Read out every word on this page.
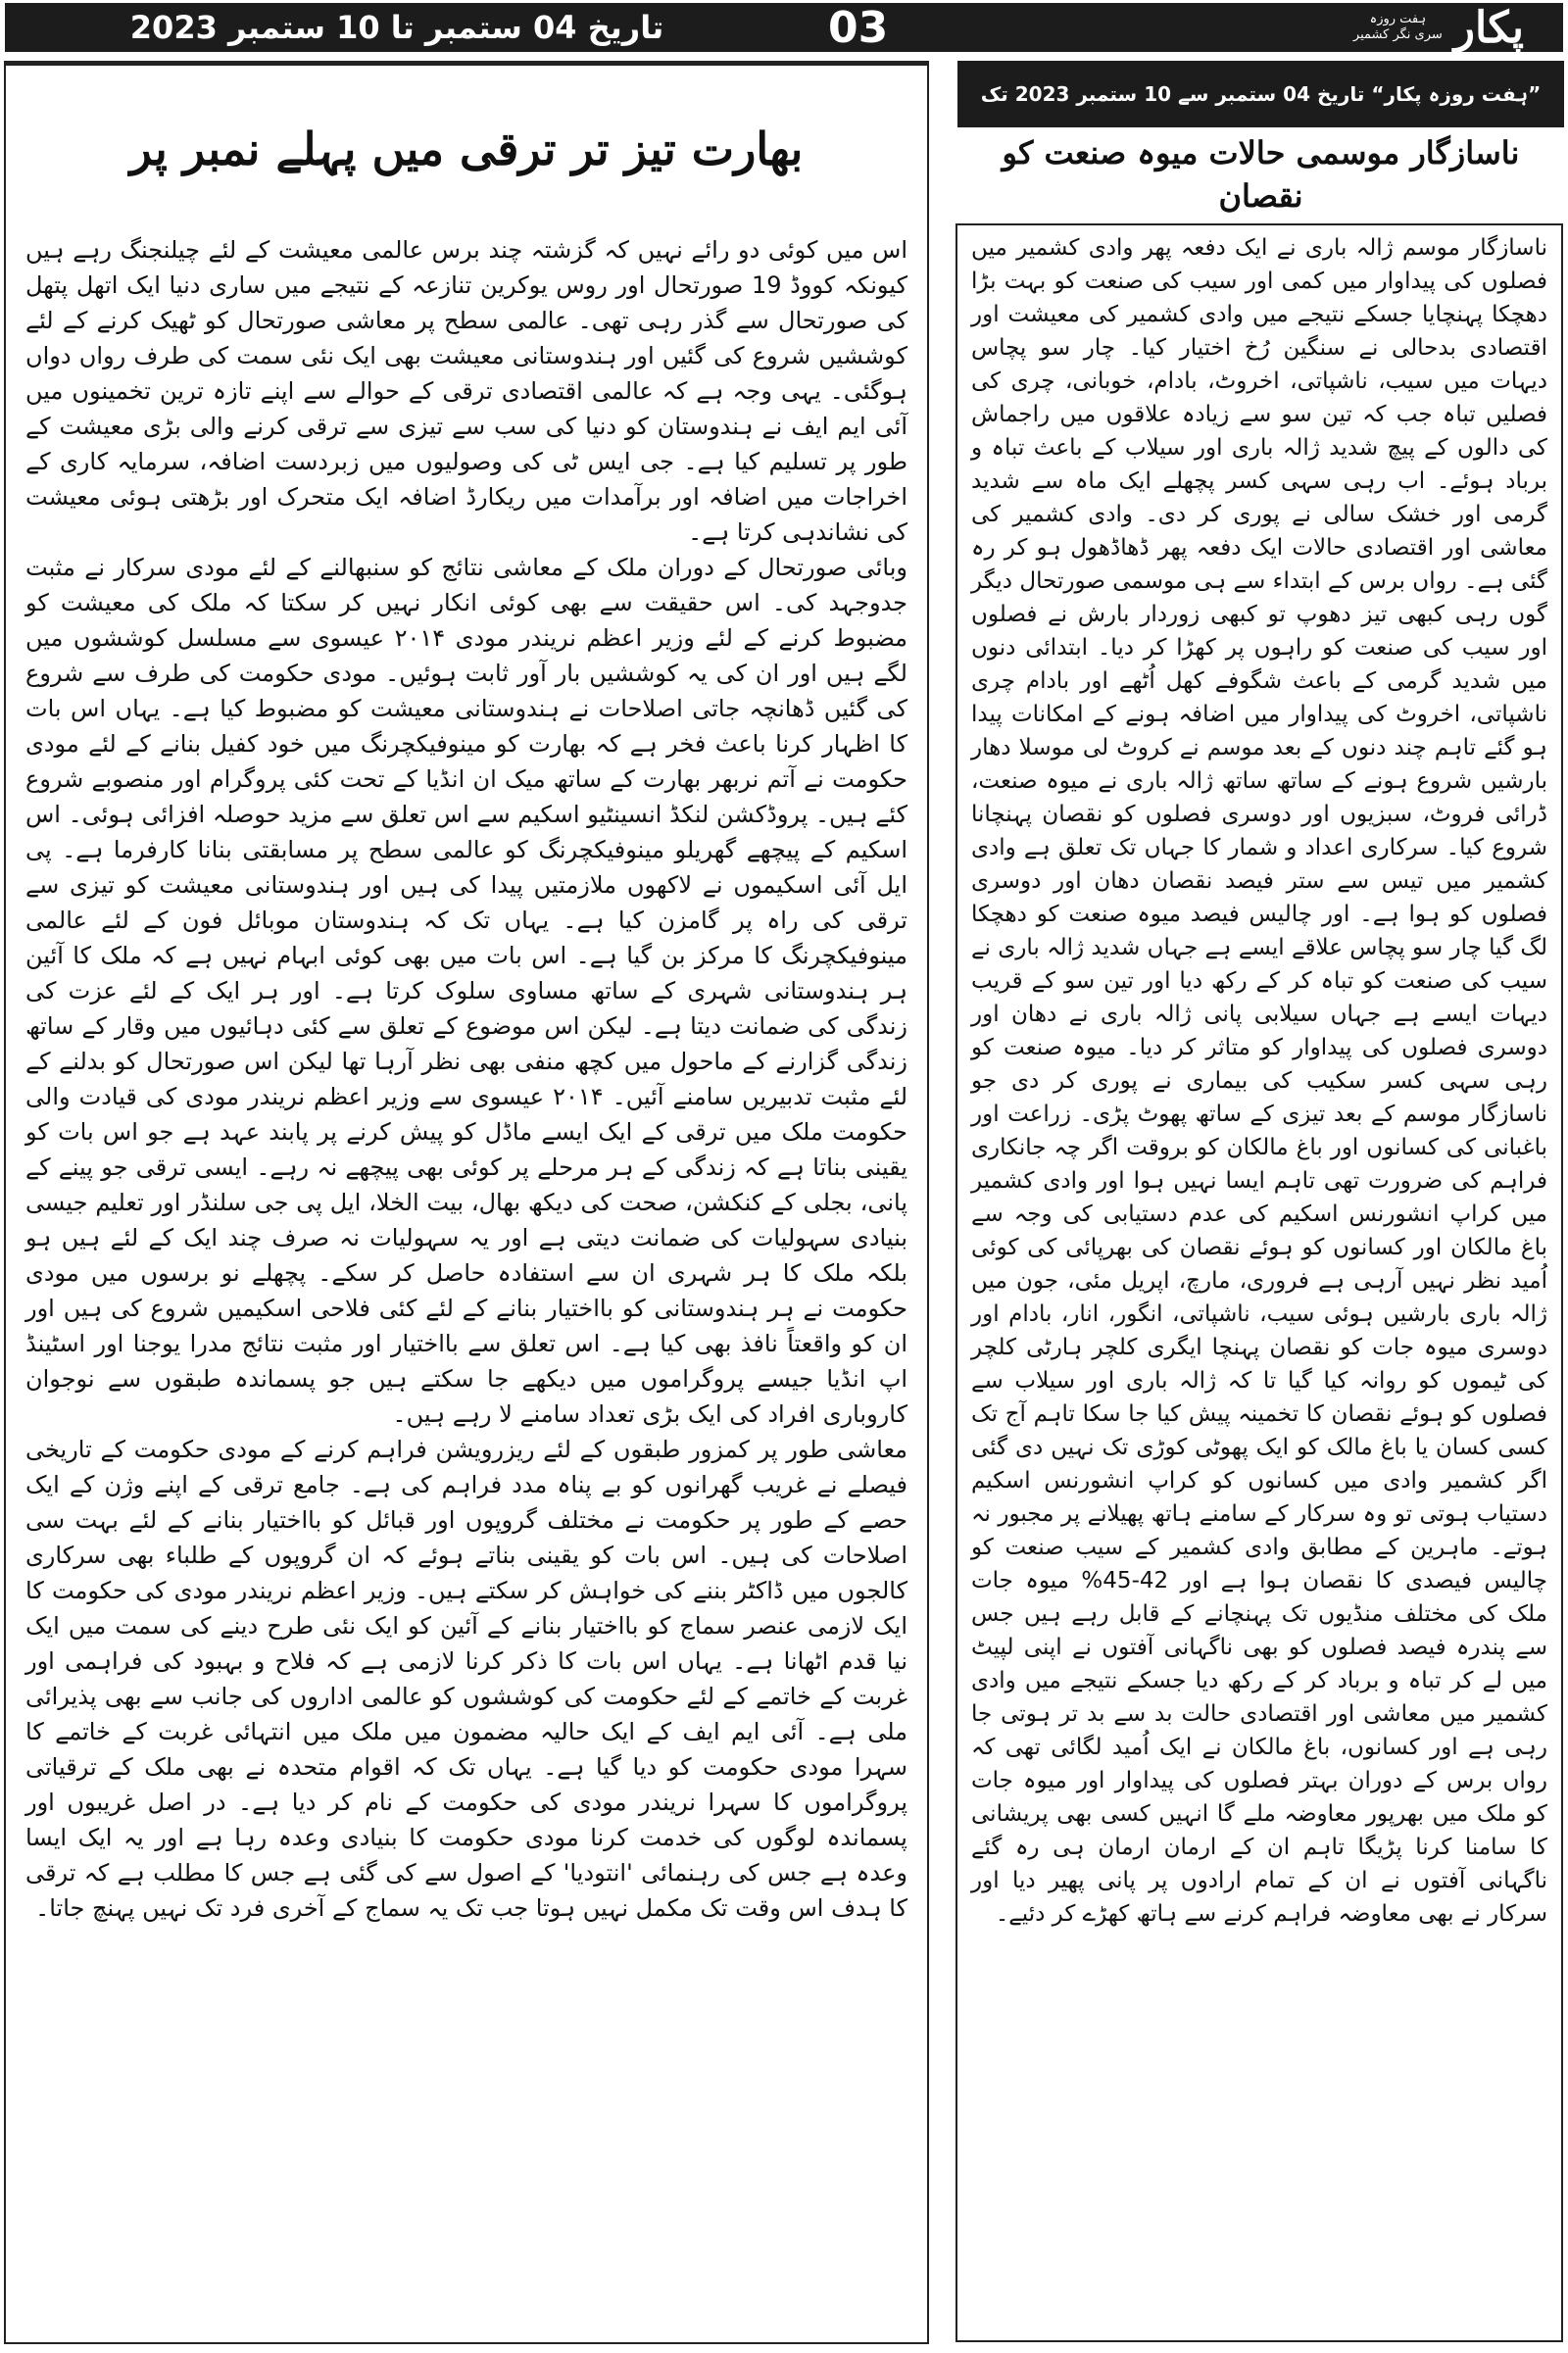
تاریخ 04 ستمبر تا 10 ستمبر 2023	03	پکار
ہفت روزہ
سری نگر کشمیر
بھارت تیز تر ترقی میں پہلے نمبر پر

اس میں کوئی دو رائے نہیں کہ گزشتہ چند برس عالمی معیشت کے لئے چیلنجنگ رہے ہیں کیونکہ کووڈ 19 صورتحال اور روس یوکرین تنازعہ کے نتیجے میں ساری دنیا ایک اتھل پتھل کی صورتحال سے گذر رہی تھی۔ عالمی سطح پر معاشی صورتحال کو ٹھیک کرنے کے لئے کوششیں شروع کی گئیں اور ہندوستانی معیشت بھی ایک نئی سمت کی طرف رواں دواں ہوگئی۔ یہی وجہ ہے کہ عالمی اقتصادی ترقی کے حوالے سے اپنے تازہ ترین تخمینوں میں آئی ایم ایف نے ہندوستان کو دنیا کی سب سے تیزی سے ترقی کرنے والی بڑی معیشت کے طور پر تسلیم کیا ہے۔ جی ایس ٹی کی وصولیوں میں زبردست اضافہ، سرمایہ کاری کے اخراجات میں اضافہ اور برآمدات میں ریکارڈ اضافہ ایک متحرک اور بڑھتی ہوئی معیشت کی نشاندہی کرتا ہے۔

وبائی صورتحال کے دوران ملک کے معاشی نتائج کو سنبھالنے کے لئے مودی سرکار نے مثبت جدوجہد کی۔ اس حقیقت سے بھی کوئی انکار نہیں کر سکتا کہ ملک کی معیشت کو مضبوط کرنے کے لئے وزیر اعظم نریندر مودی ۲۰۱۴ عیسوی سے مسلسل کوششوں میں لگے ہیں اور ان کی یہ کوششیں بار آور ثابت ہوئیں۔ مودی حکومت کی طرف سے شروع کی گئیں ڈھانچہ جاتی اصلاحات نے ہندوستانی معیشت کو مضبوط کیا ہے۔ یہاں اس بات کا اظہار کرنا باعث فخر ہے کہ بھارت کو مینوفیکچرنگ میں خود کفیل بنانے کے لئے مودی حکومت نے آتم نربھر بھارت کے ساتھ میک ان انڈیا کے تحت کئی پروگرام اور منصوبے شروع کئے ہیں۔ پروڈکشن لنکڈ انسینٹیو اسکیم سے اس تعلق سے مزید حوصلہ افزائی ہوئی۔ اس اسکیم کے پیچھے گھریلو مینوفیکچرنگ کو عالمی سطح پر مسابقتی بنانا کارفرما ہے۔ پی ایل آئی اسکیموں نے لاکھوں ملازمتیں پیدا کی ہیں اور ہندوستانی معیشت کو تیزی سے ترقی کی راہ پر گامزن کیا ہے۔ یہاں تک کہ ہندوستان موبائل فون کے لئے عالمی مینوفیکچرنگ کا مرکز بن گیا ہے۔ اس بات میں بھی کوئی ابہام نہیں ہے کہ ملک کا آئین ہر ہندوستانی شہری کے ساتھ مساوی سلوک کرتا ہے۔ اور ہر ایک کے لئے عزت کی زندگی کی ضمانت دیتا ہے۔ لیکن اس موضوع کے تعلق سے کئی دہائیوں میں وقار کے ساتھ زندگی گزارنے کے ماحول میں کچھ منفی بھی نظر آرہا تھا لیکن اس صورتحال کو بدلنے کے لئے مثبت تدبیریں سامنے آئیں۔ ۲۰۱۴ عیسوی سے وزیر اعظم نریندر مودی کی قیادت والی حکومت ملک میں ترقی کے ایک ایسے ماڈل کو پیش کرنے پر پابند عہد ہے جو اس بات کو یقینی بناتا ہے کہ زندگی کے ہر مرحلے پر کوئی بھی پیچھے نہ رہے۔ ایسی ترقی جو پینے کے پانی، بجلی کے کنکشن، صحت کی دیکھ بھال، بیت الخلا، ایل پی جی سلنڈر اور تعلیم جیسی بنیادی سہولیات کی ضمانت دیتی ہے اور یہ سہولیات نہ صرف چند ایک کے لئے ہیں ہو بلکہ ملک کا ہر شہری ان سے استفادہ حاصل کر سکے۔ پچھلے نو برسوں میں مودی حکومت نے ہر ہندوستانی کو بااختیار بنانے کے لئے کئی فلاحی اسکیمیں شروع کی ہیں اور ان کو واقعتاً نافذ بھی کیا ہے۔ اس تعلق سے بااختیار اور مثبت نتائج مدرا یوجنا اور اسٹینڈ اپ انڈیا جیسے پروگراموں میں دیکھے جا سکتے ہیں جو پسماندہ طبقوں سے نوجوان کاروباری افراد کی ایک بڑی تعداد سامنے لا رہے ہیں۔

معاشی طور پر کمزور طبقوں کے لئے ریزرویشن فراہم کرنے کے مودی حکومت کے تاریخی فیصلے نے غریب گھرانوں کو بے پناہ مدد فراہم کی ہے۔ جامع ترقی کے اپنے وژن کے ایک حصے کے طور پر حکومت نے مختلف گروپوں اور قبائل کو بااختیار بنانے کے لئے بہت سی اصلاحات کی ہیں۔ اس بات کو یقینی بناتے ہوئے کہ ان گروپوں کے طلباء بھی سرکاری کالجوں میں ڈاکٹر بننے کی خواہش کر سکتے ہیں۔ وزیر اعظم نریندر مودی کی حکومت کا ایک لازمی عنصر سماج کو بااختیار بنانے کے آئین کو ایک نئی طرح دینے کی سمت میں ایک نیا قدم اٹھانا ہے۔ یہاں اس بات کا ذکر کرنا لازمی ہے کہ فلاح و بہبود کی فراہمی اور غربت کے خاتمے کے لئے حکومت کی کوششوں کو عالمی اداروں کی جانب سے بھی پذیرائی ملی ہے۔ آئی ایم ایف کے ایک حالیہ مضمون میں ملک میں انتہائی غربت کے خاتمے کا سہرا مودی حکومت کو دیا گیا ہے۔ یہاں تک کہ اقوام متحدہ نے بھی ملک کے ترقیاتی پروگراموں کا سہرا نریندر مودی کی حکومت کے نام کر دیا ہے۔ در اصل غریبوں اور پسماندہ لوگوں کی خدمت کرنا مودی حکومت کا بنیادی وعدہ رہا ہے اور یہ ایک ایسا وعدہ ہے جس کی رہنمائی 'انتودیا' کے اصول سے کی گئی ہے جس کا مطلب ہے کہ ترقی کا ہدف اس وقت تک مکمل نہیں ہوتا جب تک یہ سماج کے آخری فرد تک نہیں پہنچ جاتا۔

”ہفت روزہ پکار“ تاریخ 04 ستمبر سے 10 ستمبر 2023 تک
ناسازگار موسمی حالات میوہ صنعت کو نقصان

ناسازگار موسم ژالہ باری نے ایک دفعہ پھر وادی کشمیر میں فصلوں کی پیداوار میں کمی اور سیب کی صنعت کو بہت بڑا دھچکا پہنچایا جسکے نتیجے میں وادی کشمیر کی معیشت اور اقتصادی بدحالی نے سنگین رُخ اختیار کیا۔ چار سو پچاس دیہات میں سیب، ناشپاتی، اخروٹ، بادام، خوبانی، چری کی فصلیں تباہ جب کہ تین سو سے زیادہ علاقوں میں راجماش کی دالوں کے پیچ شدید ژالہ باری اور سیلاب کے باعث تباہ و برباد ہوئے۔ اب رہی سہی کسر پچھلے ایک ماہ سے شدید گرمی اور خشک سالی نے پوری کر دی۔ وادی کشمیر کی معاشی اور اقتصادی حالات ایک دفعہ پھر ڈھاڈھول ہو کر رہ گئی ہے۔ رواں برس کے ابتداء سے ہی موسمی صورتحال دیگر گوں رہی کبھی تیز دھوپ تو کبھی زوردار بارش نے فصلوں اور سیب کی صنعت کو راہوں پر کھڑا کر دیا۔ ابتدائی دنوں میں شدید گرمی کے باعث شگوفے کھل اُٹھے اور بادام چری ناشپاتی، اخروٹ کی پیداوار میں اضافہ ہونے کے امکانات پیدا ہو گئے تاہم چند دنوں کے بعد موسم نے کروٹ لی موسلا دھار بارشیں شروع ہونے کے ساتھ ساتھ ژالہ باری نے میوہ صنعت، ڈرائی فروٹ، سبزیوں اور دوسری فصلوں کو نقصان پہنچانا شروع کیا۔ سرکاری اعداد و شمار کا جہاں تک تعلق ہے وادی کشمیر میں تیس سے ستر فیصد نقصان دھان اور دوسری فصلوں کو ہوا ہے۔ اور چالیس فیصد میوہ صنعت کو دھچکا لگ گیا چار سو پچاس علاقے ایسے ہے جہاں شدید ژالہ باری نے سیب کی صنعت کو تباہ کر کے رکھ دیا اور تین سو کے قریب دیہات ایسے ہے جہاں سیلابی پانی ژالہ باری نے دھان اور دوسری فصلوں کی پیداوار کو متاثر کر دیا۔ میوہ صنعت کو رہی سہی کسر سکیب کی بیماری نے پوری کر دی جو ناسازگار موسم کے بعد تیزی کے ساتھ پھوٹ پڑی۔ زراعت اور باغبانی کی کسانوں اور باغ مالکان کو بروقت اگر چہ جانکاری فراہم کی ضرورت تھی تاہم ایسا نہیں ہوا اور وادی کشمیر میں کراپ انشورنس اسکیم کی عدم دستیابی کی وجہ سے باغ مالکان اور کسانوں کو ہوئے نقصان کی بھرپائی کی کوئی اُمید نظر نہیں آرہی ہے فروری، مارچ، اپریل مئی، جون میں ژالہ باری بارشیں ہوئی سیب، ناشپاتی، انگور، انار، بادام اور دوسری میوہ جات کو نقصان پہنچا ایگری کلچر ہارٹی کلچر کی ٹیموں کو روانہ کیا گیا تا کہ ژالہ باری اور سیلاب سے فصلوں کو ہوئے نقصان کا تخمینہ پیش کیا جا سکا تاہم آج تک کسی کسان یا باغ مالک کو ایک پھوٹی کوڑی تک نہیں دی گئی اگر کشمیر وادی میں کسانوں کو کراپ انشورنس اسکیم دستیاب ہوتی تو وہ سرکار کے سامنے ہاتھ پھیلانے پر مجبور نہ ہوتے۔ ماہرین کے مطابق وادی کشمیر کے سیب صنعت کو چالیس فیصدی کا نقصان ہوا ہے اور 42-45% میوہ جات ملک کی مختلف منڈیوں تک پہنچانے کے قابل رہے ہیں جس سے پندرہ فیصد فصلوں کو بھی ناگہانی آفتوں نے اپنی لپیٹ میں لے کر تباہ و برباد کر کے رکھ دیا جسکے نتیجے میں وادی کشمیر میں معاشی اور اقتصادی حالت بد سے بد تر ہوتی جا رہی ہے اور کسانوں، باغ مالکان نے ایک اُمید لگائی تھی کہ رواں برس کے دوران بہتر فصلوں کی پیداوار اور میوہ جات کو ملک میں بھرپور معاوضہ ملے گا انہیں کسی بھی پریشانی کا سامنا کرنا پڑیگا تاہم ان کے ارمان ارمان ہی رہ گئے ناگہانی آفتوں نے ان کے تمام ارادوں پر پانی پھیر دیا اور سرکار نے بھی معاوضہ فراہم کرنے سے ہاتھ کھڑے کر دئیے۔
